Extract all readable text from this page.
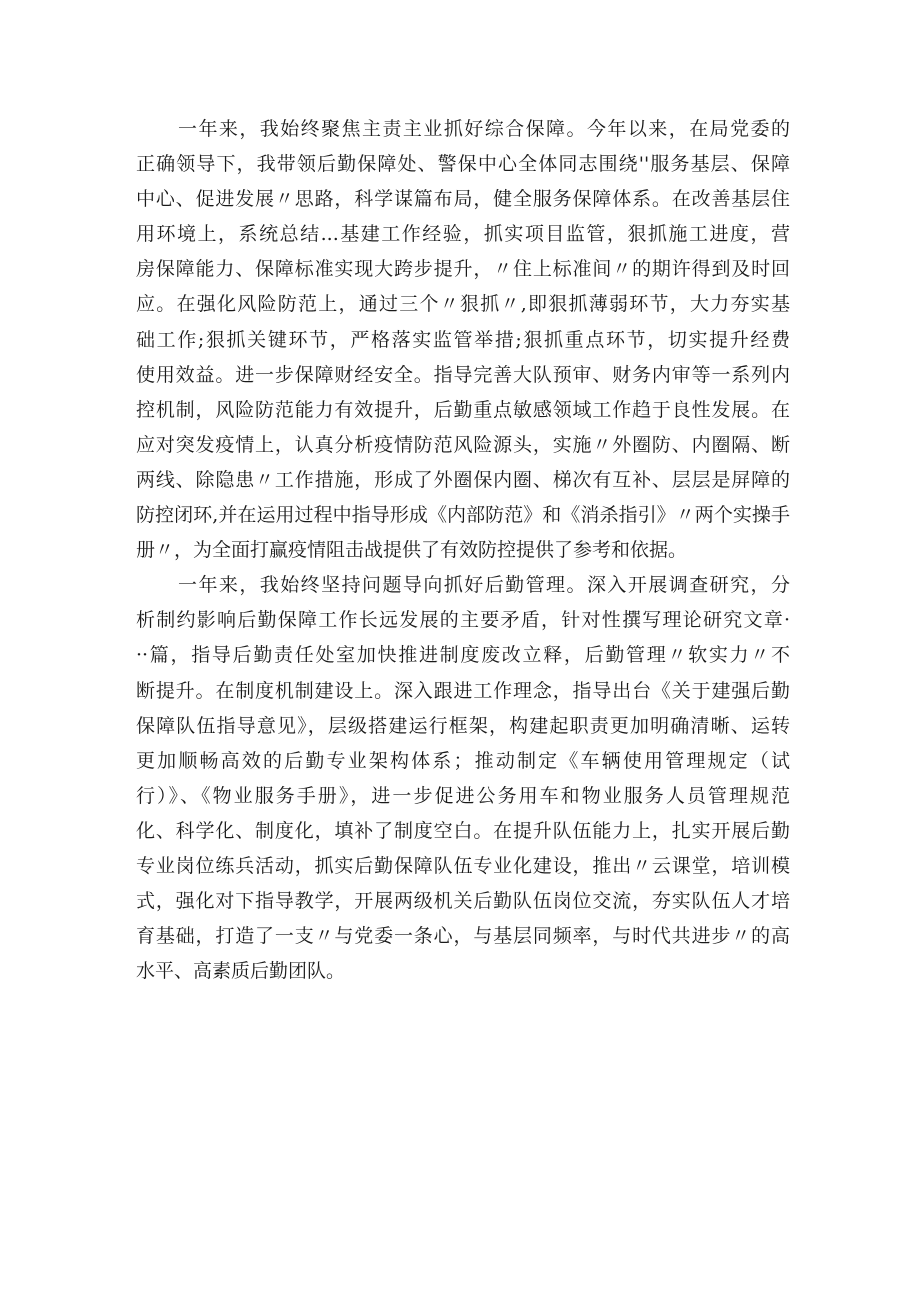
一年来，我始终聚焦主责主业抓好综合保障。今年以来，在局党委的
正确领导下，我带领后勤保障处、警保中心全体同志围绕''服务基层、保障
中心、促进发展〃思路，科学谋篇布局，健全服务保障体系。在改善基层住
用环境上，系统总结...基建工作经验，抓实项目监管，狠抓施工进度，营
房保障能力、保障标准实现大跨步提升，〃住上标准间〃的期许得到及时回
应。在强化风险防范上，通过三个〃狠抓〃,即狠抓薄弱环节，大力夯实基
础工作;狠抓关键环节，严格落实监管举措;狠抓重点环节，切实提升经费
使用效益。进一步保障财经安全。指导完善大队预审、财务内审等一系列内
控机制，风险防范能力有效提升，后勤重点敏感领域工作趋于良性发展。在
应对突发疫情上，认真分析疫情防范风险源头，实施〃外圈防、内圈隔、断
两线、除隐患〃工作措施，形成了外圈保内圈、梯次有互补、层层是屏障的
防控闭环,并在运用过程中指导形成《内部防范》和《消杀指引》〃两个实操手
册〃，为全面打赢疫情阻击战提供了有效防控提供了参考和依据。

一年来，我始终坚持问题导向抓好后勤管理。深入开展调查研究，分
析制约影响后勤保障工作长远发展的主要矛盾，针对性撰写理论研究文章·
··篇，指导后勤责任处室加快推进制度废改立释，后勤管理〃软实力〃不
断提升。在制度机制建设上。深入跟进工作理念，指导出台《关于建强后勤
保障队伍指导意见》，层级搭建运行框架，构建起职责更加明确清晰、运转
更加顺畅高效的后勤专业架构体系；推动制定《车辆使用管理规定（试
行）》、《物业服务手册》，进一步促进公务用车和物业服务人员管理规范
化、科学化、制度化，填补了制度空白。在提升队伍能力上，扎实开展后勤
专业岗位练兵活动，抓实后勤保障队伍专业化建设，推出〃云课堂，培训模
式，强化对下指导教学，开展两级机关后勤队伍岗位交流，夯实队伍人才培
育基础，打造了一支〃与党委一条心，与基层同频率，与时代共进步〃的高
水平、高素质后勤团队。
